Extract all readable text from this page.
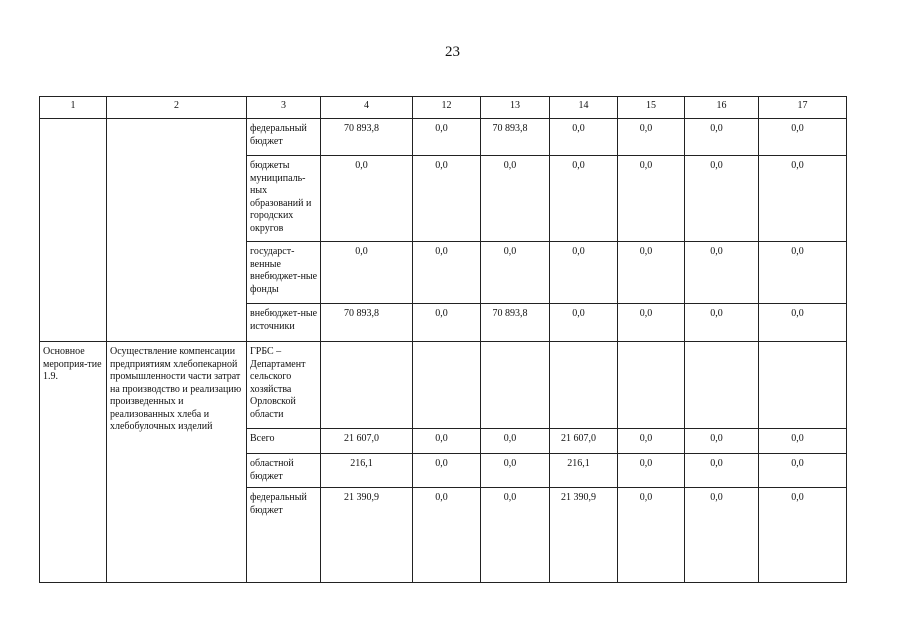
23
1	2	3	4	12	13	14	15	16	17
		федеральный бюджет	70 893,8	0,0	70 893,8	0,0	0,0	0,0	0,0
		бюджеты муниципаль-ных образований и городских округов	0,0	0,0	0,0	0,0	0,0	0,0	0,0
		государст-венные внебюджет-ные фонды	0,0	0,0	0,0	0,0	0,0	0,0	0,0
		внебюджет-ные источники	70 893,8	0,0	70 893,8	0,0	0,0	0,0	0,0
Основное мероприя-тие 1.9.	Осуществление компенсации предприятиям хлебопекарной промышленности части затрат на производство и реализацию произведенных и реализованных хлеба и хлебобулочных изделий	ГРБС – Департамент сельского хозяйства Орловской области							
		Всего	21 607,0	0,0	0,0	21 607,0	0,0	0,0	0,0
		областной бюджет	216,1	0,0	0,0	216,1	0,0	0,0	0,0
		федеральный бюджет	21 390,9	0,0	0,0	21 390,9	0,0	0,0	0,0
